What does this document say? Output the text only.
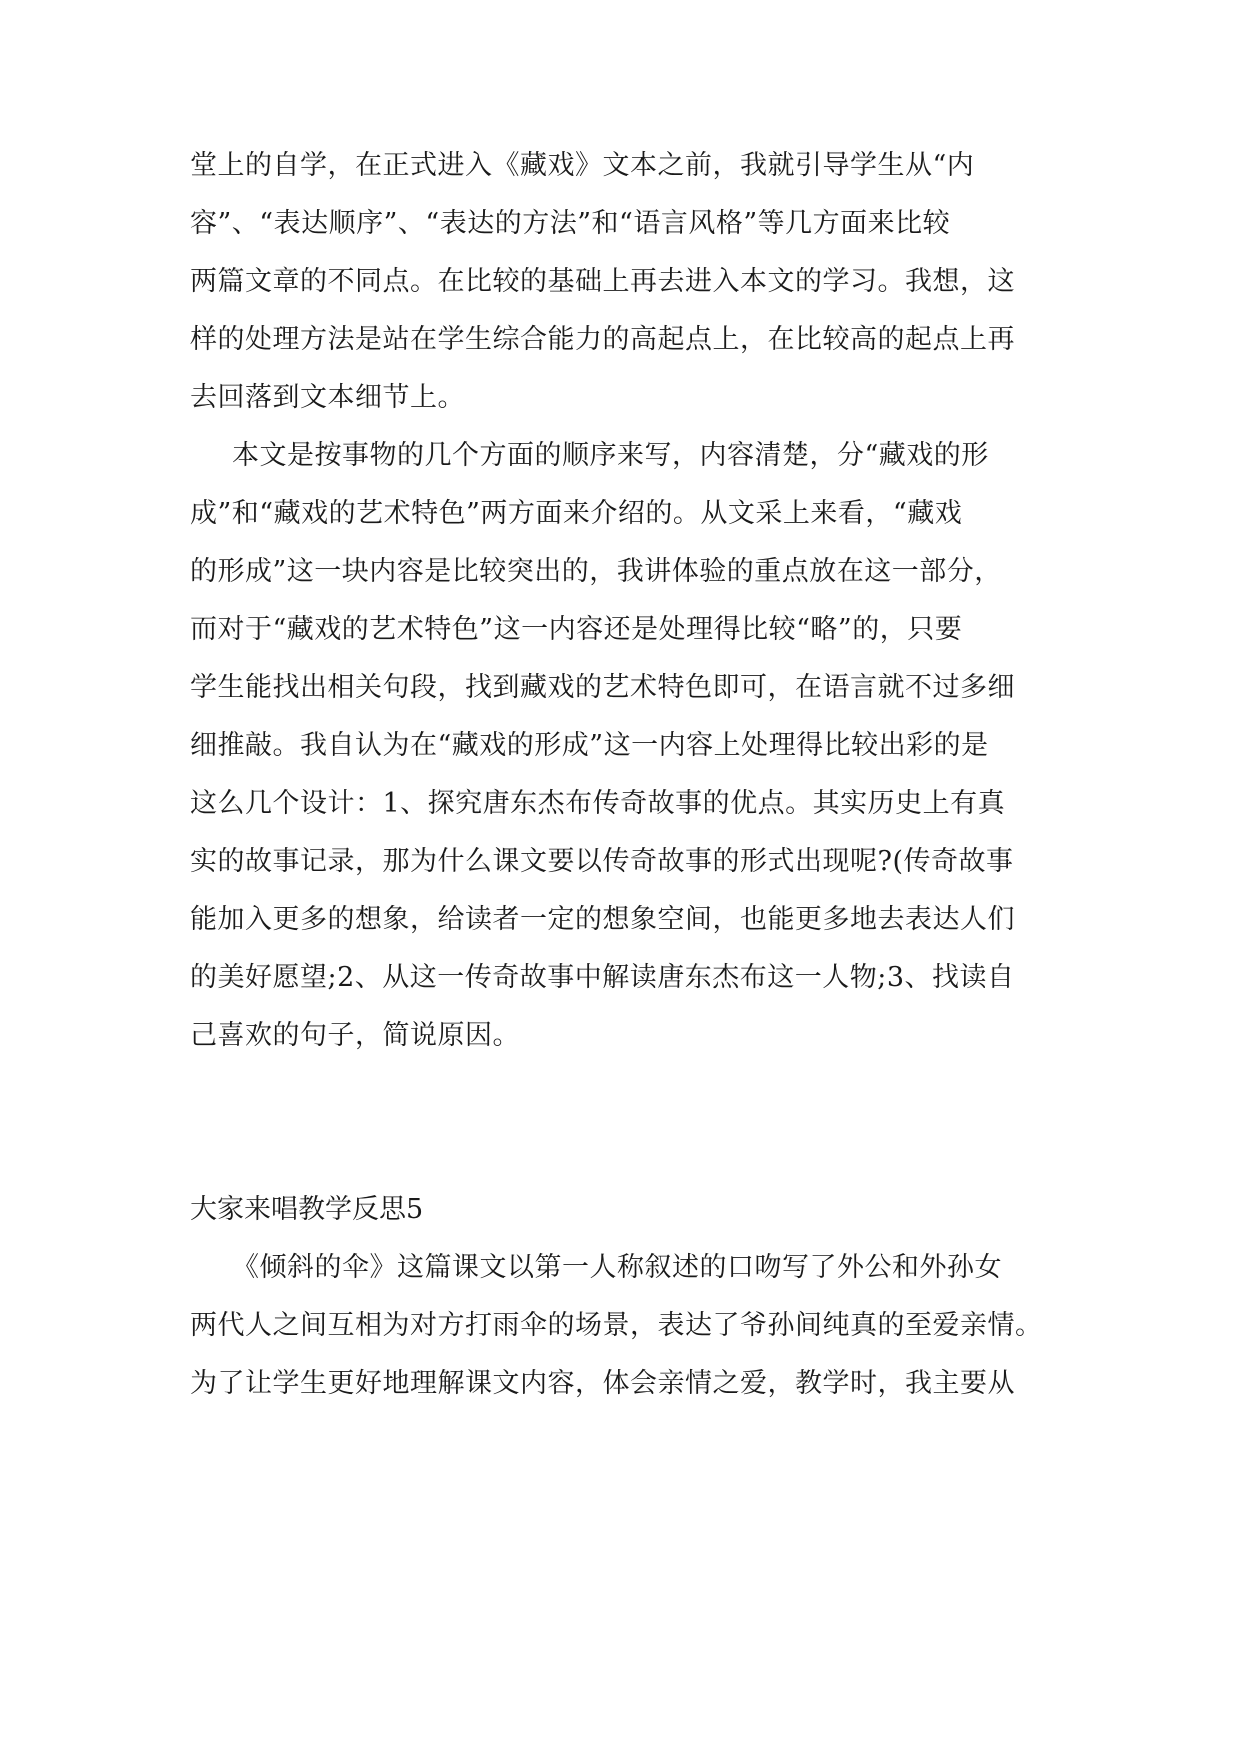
堂上的自学，在正式进入《藏戏》文本之前，我就引导学生从“内
容”、“表达顺序”、“表达的方法”和“语言风格”等几方面来比较
两篇文章的不同点。在比较的基础上再去进入本文的学习。我想，这
样的处理方法是站在学生综合能力的高起点上，在比较高的起点上再
去回落到文本细节上。
本文是按事物的几个方面的顺序来写，内容清楚，分“藏戏的形
成”和“藏戏的艺术特色”两方面来介绍的。从文采上来看，“藏戏
的形成”这一块内容是比较突出的，我讲体验的重点放在这一部分，
而对于“藏戏的艺术特色”这一内容还是处理得比较“略”的，只要
学生能找出相关句段，找到藏戏的艺术特色即可，在语言就不过多细
细推敲。我自认为在“藏戏的形成”这一内容上处理得比较出彩的是
这么几个设计：1、探究唐东杰布传奇故事的优点。其实历史上有真
实的故事记录，那为什么课文要以传奇故事的形式出现呢?(传奇故事
能加入更多的想象，给读者一定的想象空间，也能更多地去表达人们
的美好愿望;2、从这一传奇故事中解读唐东杰布这一人物;3、找读自
己喜欢的句子，简说原因。
大家来唱教学反思5
《倾斜的伞》这篇课文以第一人称叙述的口吻写了外公和外孙女
两代人之间互相为对方打雨伞的场景，表达了爷孙间纯真的至爱亲情。
为了让学生更好地理解课文内容，体会亲情之爱，教学时，我主要从
